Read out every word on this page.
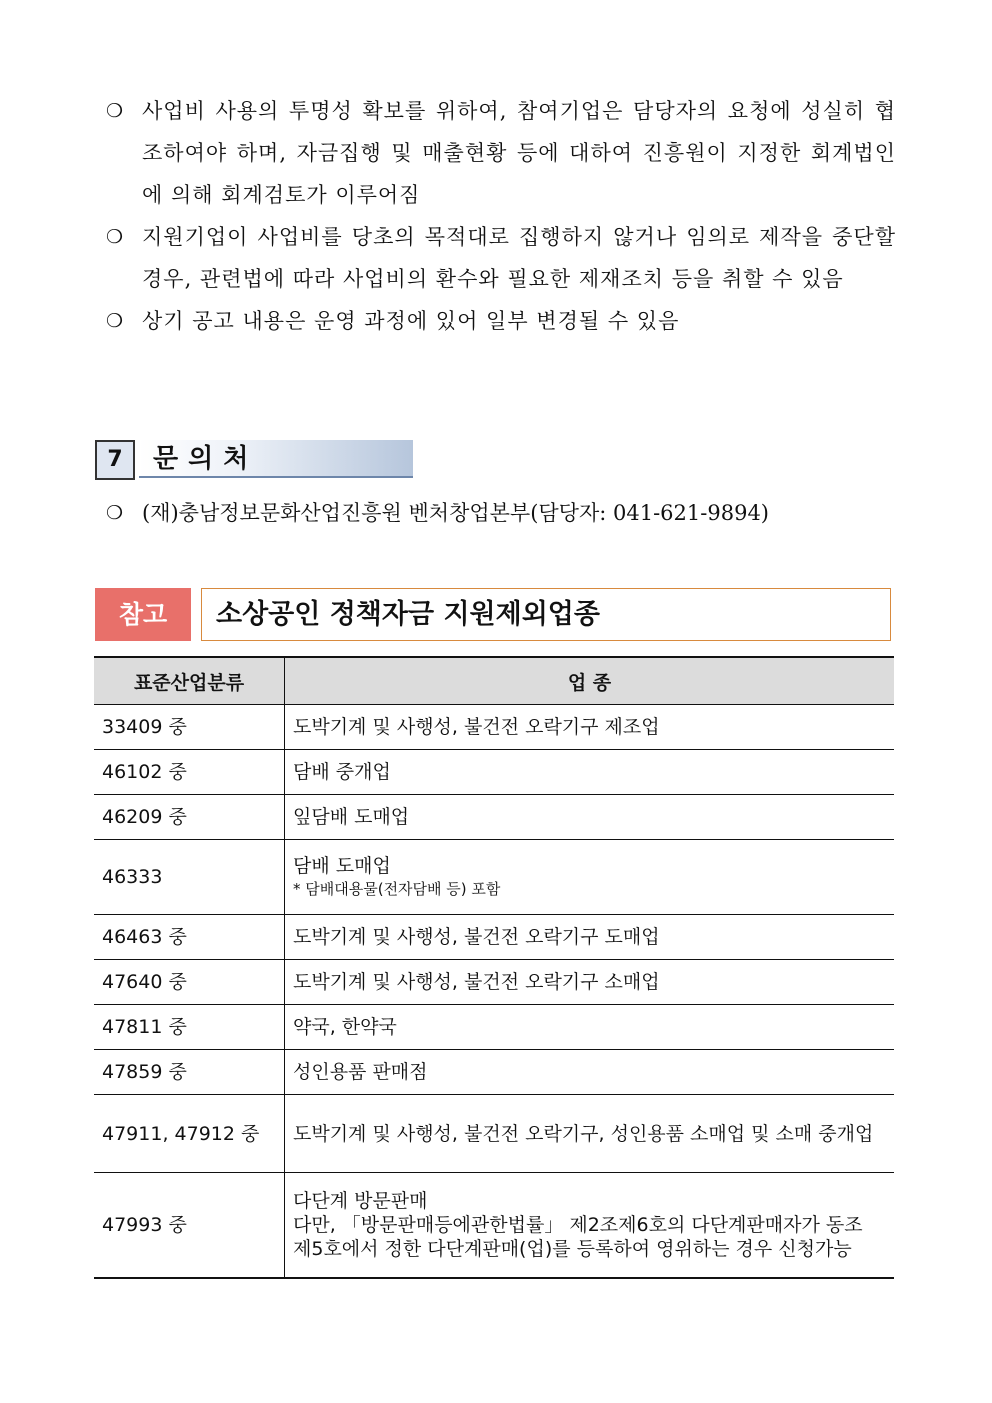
❍ 사업비 사용의 투명성 확보를 위하여, 참여기업은 담당자의 요청에 성실히 협조하여야 하며, 자금집행 및 매출현황 등에 대하여 진흥원이 지정한 회계법인에 의해 회계검토가 이루어짐
❍ 지원기업이 사업비를 당초의 목적대로 집행하지 않거나 임의로 제작을 중단할 경우, 관련법에 따라 사업비의 환수와 필요한 제재조치 등을 취할 수 있음
❍ 상기 공고 내용은 운영 과정에 있어 일부 변경될 수 있음
7	문의처
❍ (재)충남정보문화산업진흥원 벤처창업본부(담당자: 041-621-9894)
참고	소상공인 정책자금 지원제외업종
표준산업분류	업 종
33409 중	도박기계 및 사행성, 불건전 오락기구 제조업
46102 중	담배 중개업
46209 중	잎담배 도매업
46333	담배 도매업
* 담배대용물(전자담배 등) 포함

46463 중	도박기계 및 사행성, 불건전 오락기구 도매업
47640 중	도박기계 및 사행성, 불건전 오락기구 소매업
47811 중	약국, 한약국
47859 중	성인용품 판매점
47911, 47912 중	도박기계 및 사행성, 불건전 오락기구, 성인용품 소매업 및 소매 중개업
47993 중	다단계 방문판매
다만, 「방문판매등에관한법률」 제2조제6호의 다단계판매자가 동조 제5호에서 정한 다단계판매(업)를 등록하여 영위하는 경우 신청가능
